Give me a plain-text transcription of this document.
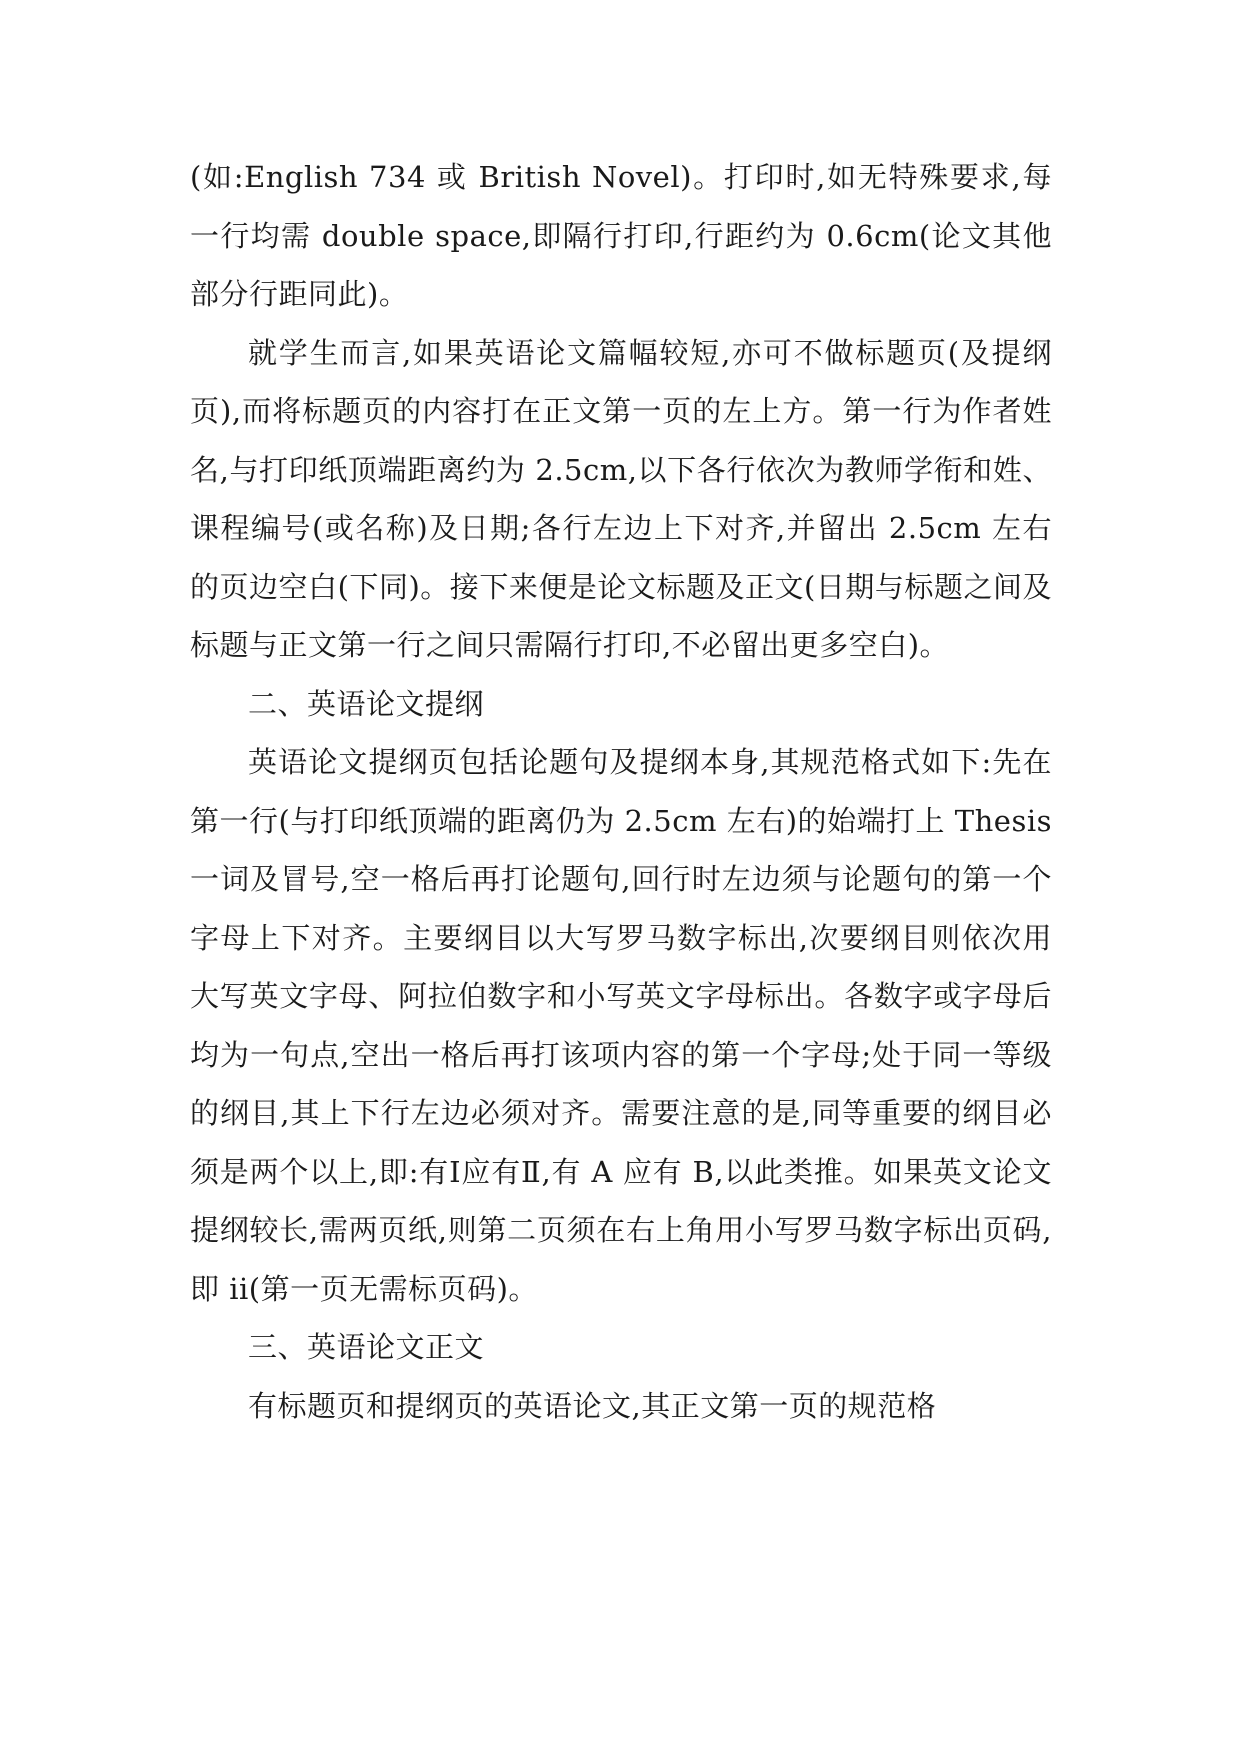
(如:English 734 或 British Novel)。打印时,如无特殊要求,每一行均需 double space,即隔行打印,行距约为 0.6cm(论文其他部分行距同此)。

就学生而言,如果英语论文篇幅较短,亦可不做标题页(及提纲页),而将标题页的内容打在正文第一页的左上方。第一行为作者姓名,与打印纸顶端距离约为 2.5cm,以下各行依次为教师学衔和姓、课程编号(或名称)及日期;各行左边上下对齐,并留出 2.5cm 左右的页边空白(下同)。接下来便是论文标题及正文(日期与标题之间及标题与正文第一行之间只需隔行打印,不必留出更多空白)。

二、英语论文提纲

英语论文提纲页包括论题句及提纲本身,其规范格式如下:先在第一行(与打印纸顶端的距离仍为 2.5cm 左右)的始端打上 Thesis 一词及冒号,空一格后再打论题句,回行时左边须与论题句的第一个字母上下对齐。主要纲目以大写罗马数字标出,次要纲目则依次用大写英文字母、阿拉伯数字和小写英文字母标出。各数字或字母后均为一句点,空出一格后再打该项内容的第一个字母;处于同一等级的纲目,其上下行左边必须对齐。需要注意的是,同等重要的纲目必须是两个以上,即:有Ⅰ应有Ⅱ,有 A 应有 B,以此类推。如果英文论文提纲较长,需两页纸,则第二页须在右上角用小写罗马数字标出页码,即 ii(第一页无需标页码)。

三、英语论文正文

有标题页和提纲页的英语论文,其正文第一页的规范格
